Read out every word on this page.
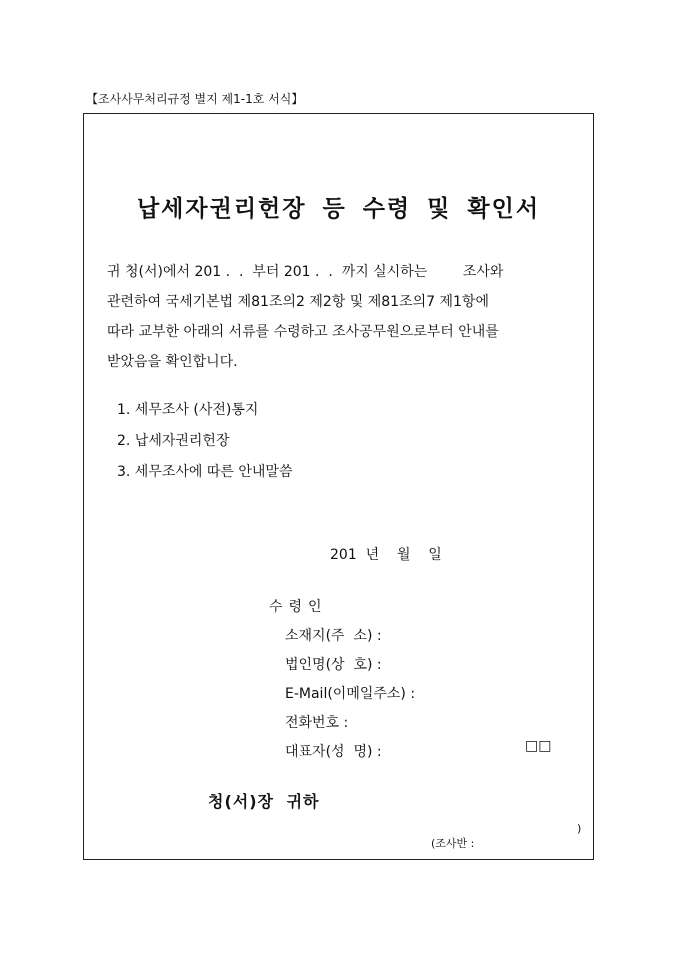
【조사사무처리규정 별지 제1-1호 서식】
납세자권리헌장 등 수령 및 확인서
귀 청(서)에서 201 .  .  부터 201 .  .  까지 실시하는        조사와
관련하여 국세기본법 제81조의2 제2항 및 제81조의7 제1항에
따라 교부한 아래의 서류를 수령하고 조사공무원으로부터 안내를
받았음을 확인합니다.
1. 세무조사 (사전)통지
2. 납세자권리헌장
3. 세무조사에 따른 안내말씀
201  년    월    일
수령인
소재지(주  소) :
법인명(상  호) :
E-Mail(이메일주소) :
전화번호 :
대표자(성  명) :	□□
청(서)장 귀하

(조사반 :

)
